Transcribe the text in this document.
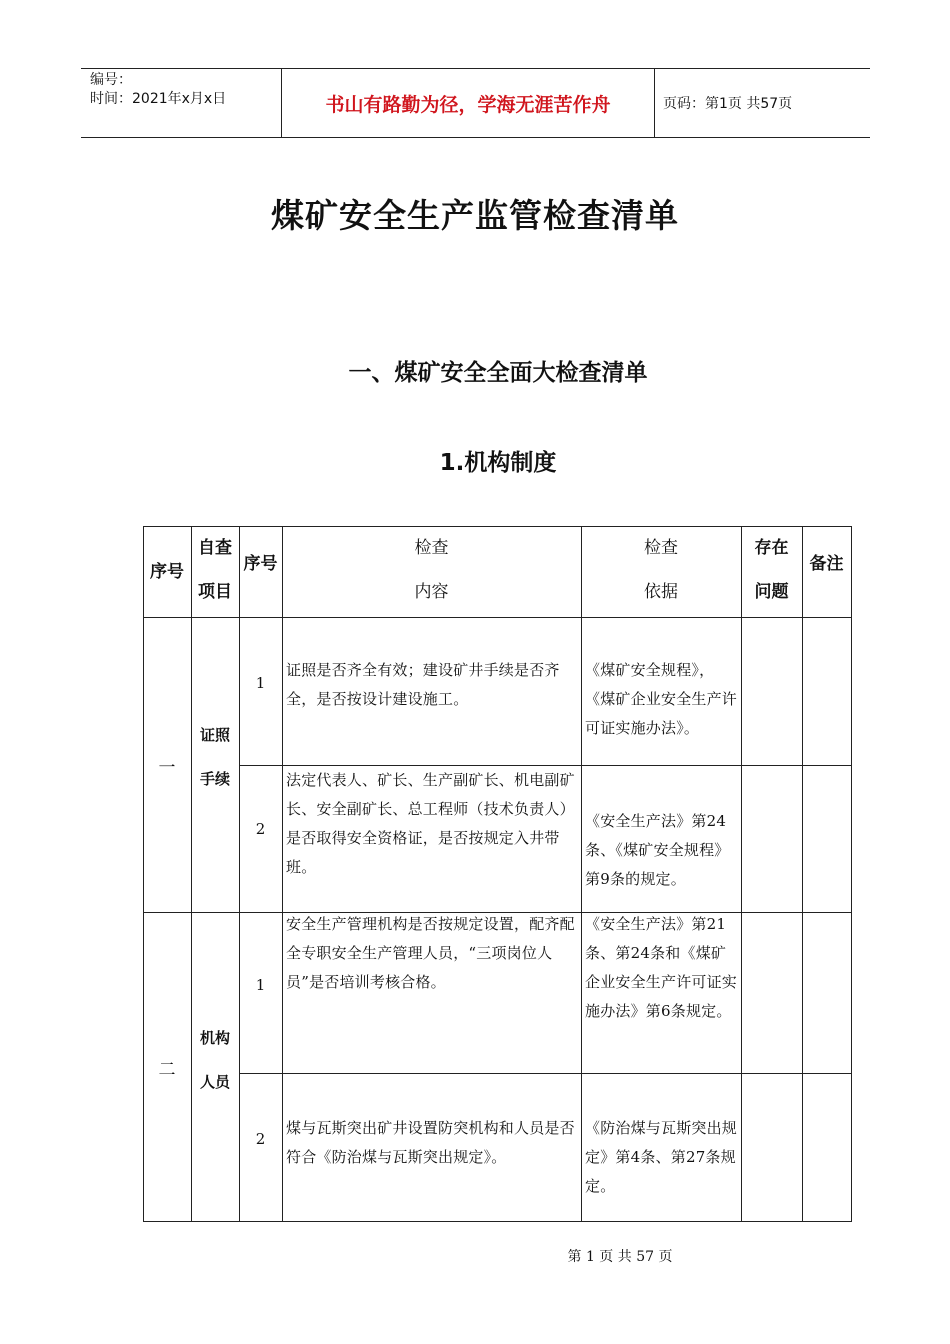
编号：
时间：2021年x月x日	书山有路勤为径，学海无涯苦作舟	页码：第1页 共57页
煤矿安全生产监管检查清单
一、煤矿安全全面大检查清单
1.机构制度
序号
自查
项目
序号
检查
内容
检查
依据
存在
问题
备注
一
证照
手续
1
证照是否齐全有效；建设矿井手续是否齐全，是否按设计建设施工。
《煤矿安全规程》，《煤矿企业安全生产许可证实施办法》。
2
法定代表人、矿长、生产副矿长、机电副矿长、安全副矿长、总工程师（技术负责人）是否取得安全资格证，是否按规定入井带班。
《安全生产法》第24条、《煤矿安全规程》第9条的规定。
二
机构
人员
1
安全生产管理机构是否按规定设置，配齐配全专职安全生产管理人员，“三项岗位人员”是否培训考核合格。
《安全生产法》第21条、第24条和《煤矿企业安全生产许可证实施办法》第6条规定。
2
煤与瓦斯突出矿井设置防突机构和人员是否符合《防治煤与瓦斯突出规定》。
《防治煤与瓦斯突出规定》第4条、第27条规定。
第 1 页 共 57 页
